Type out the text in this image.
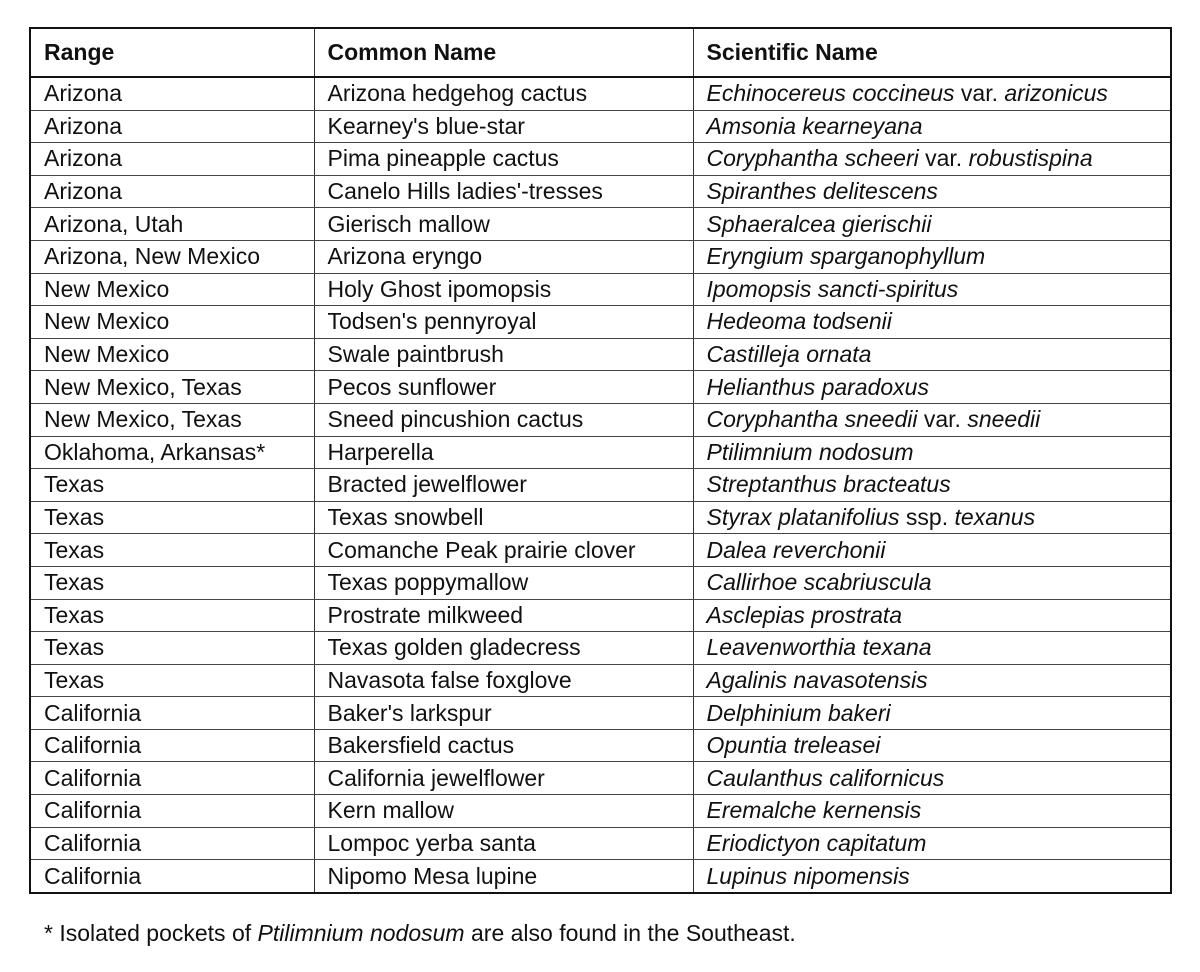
Range	Common Name	Scientific Name
Arizona	Arizona hedgehog cactus	Echinocereus coccineus var. arizonicus
Arizona	Kearney's blue-star	Amsonia kearneyana
Arizona	Pima pineapple cactus	Coryphantha scheeri var. robustispina
Arizona	Canelo Hills ladies'-tresses	Spiranthes delitescens
Arizona, Utah	Gierisch mallow	Sphaeralcea gierischii
Arizona, New Mexico	Arizona eryngo	Eryngium sparganophyllum
New Mexico	Holy Ghost ipomopsis	Ipomopsis sancti-spiritus
New Mexico	Todsen's pennyroyal	Hedeoma todsenii
New Mexico	Swale paintbrush	Castilleja ornata
New Mexico, Texas	Pecos sunflower	Helianthus paradoxus
New Mexico, Texas	Sneed pincushion cactus	Coryphantha sneedii var. sneedii
Oklahoma, Arkansas*	Harperella	Ptilimnium nodosum
Texas	Bracted jewelflower	Streptanthus bracteatus
Texas	Texas snowbell	Styrax platanifolius ssp. texanus
Texas	Comanche Peak prairie clover	Dalea reverchonii
Texas	Texas poppymallow	Callirhoe scabriuscula
Texas	Prostrate milkweed	Asclepias prostrata
Texas	Texas golden gladecress	Leavenworthia texana
Texas	Navasota false foxglove	Agalinis navasotensis
California	Baker's larkspur	Delphinium bakeri
California	Bakersfield cactus	Opuntia treleasei
California	California jewelflower	Caulanthus californicus
California	Kern mallow	Eremalche kernensis
California	Lompoc yerba santa	Eriodictyon capitatum
California	Nipomo Mesa lupine	Lupinus nipomensis
* Isolated pockets of Ptilimnium nodosum are also found in the Southeast.
